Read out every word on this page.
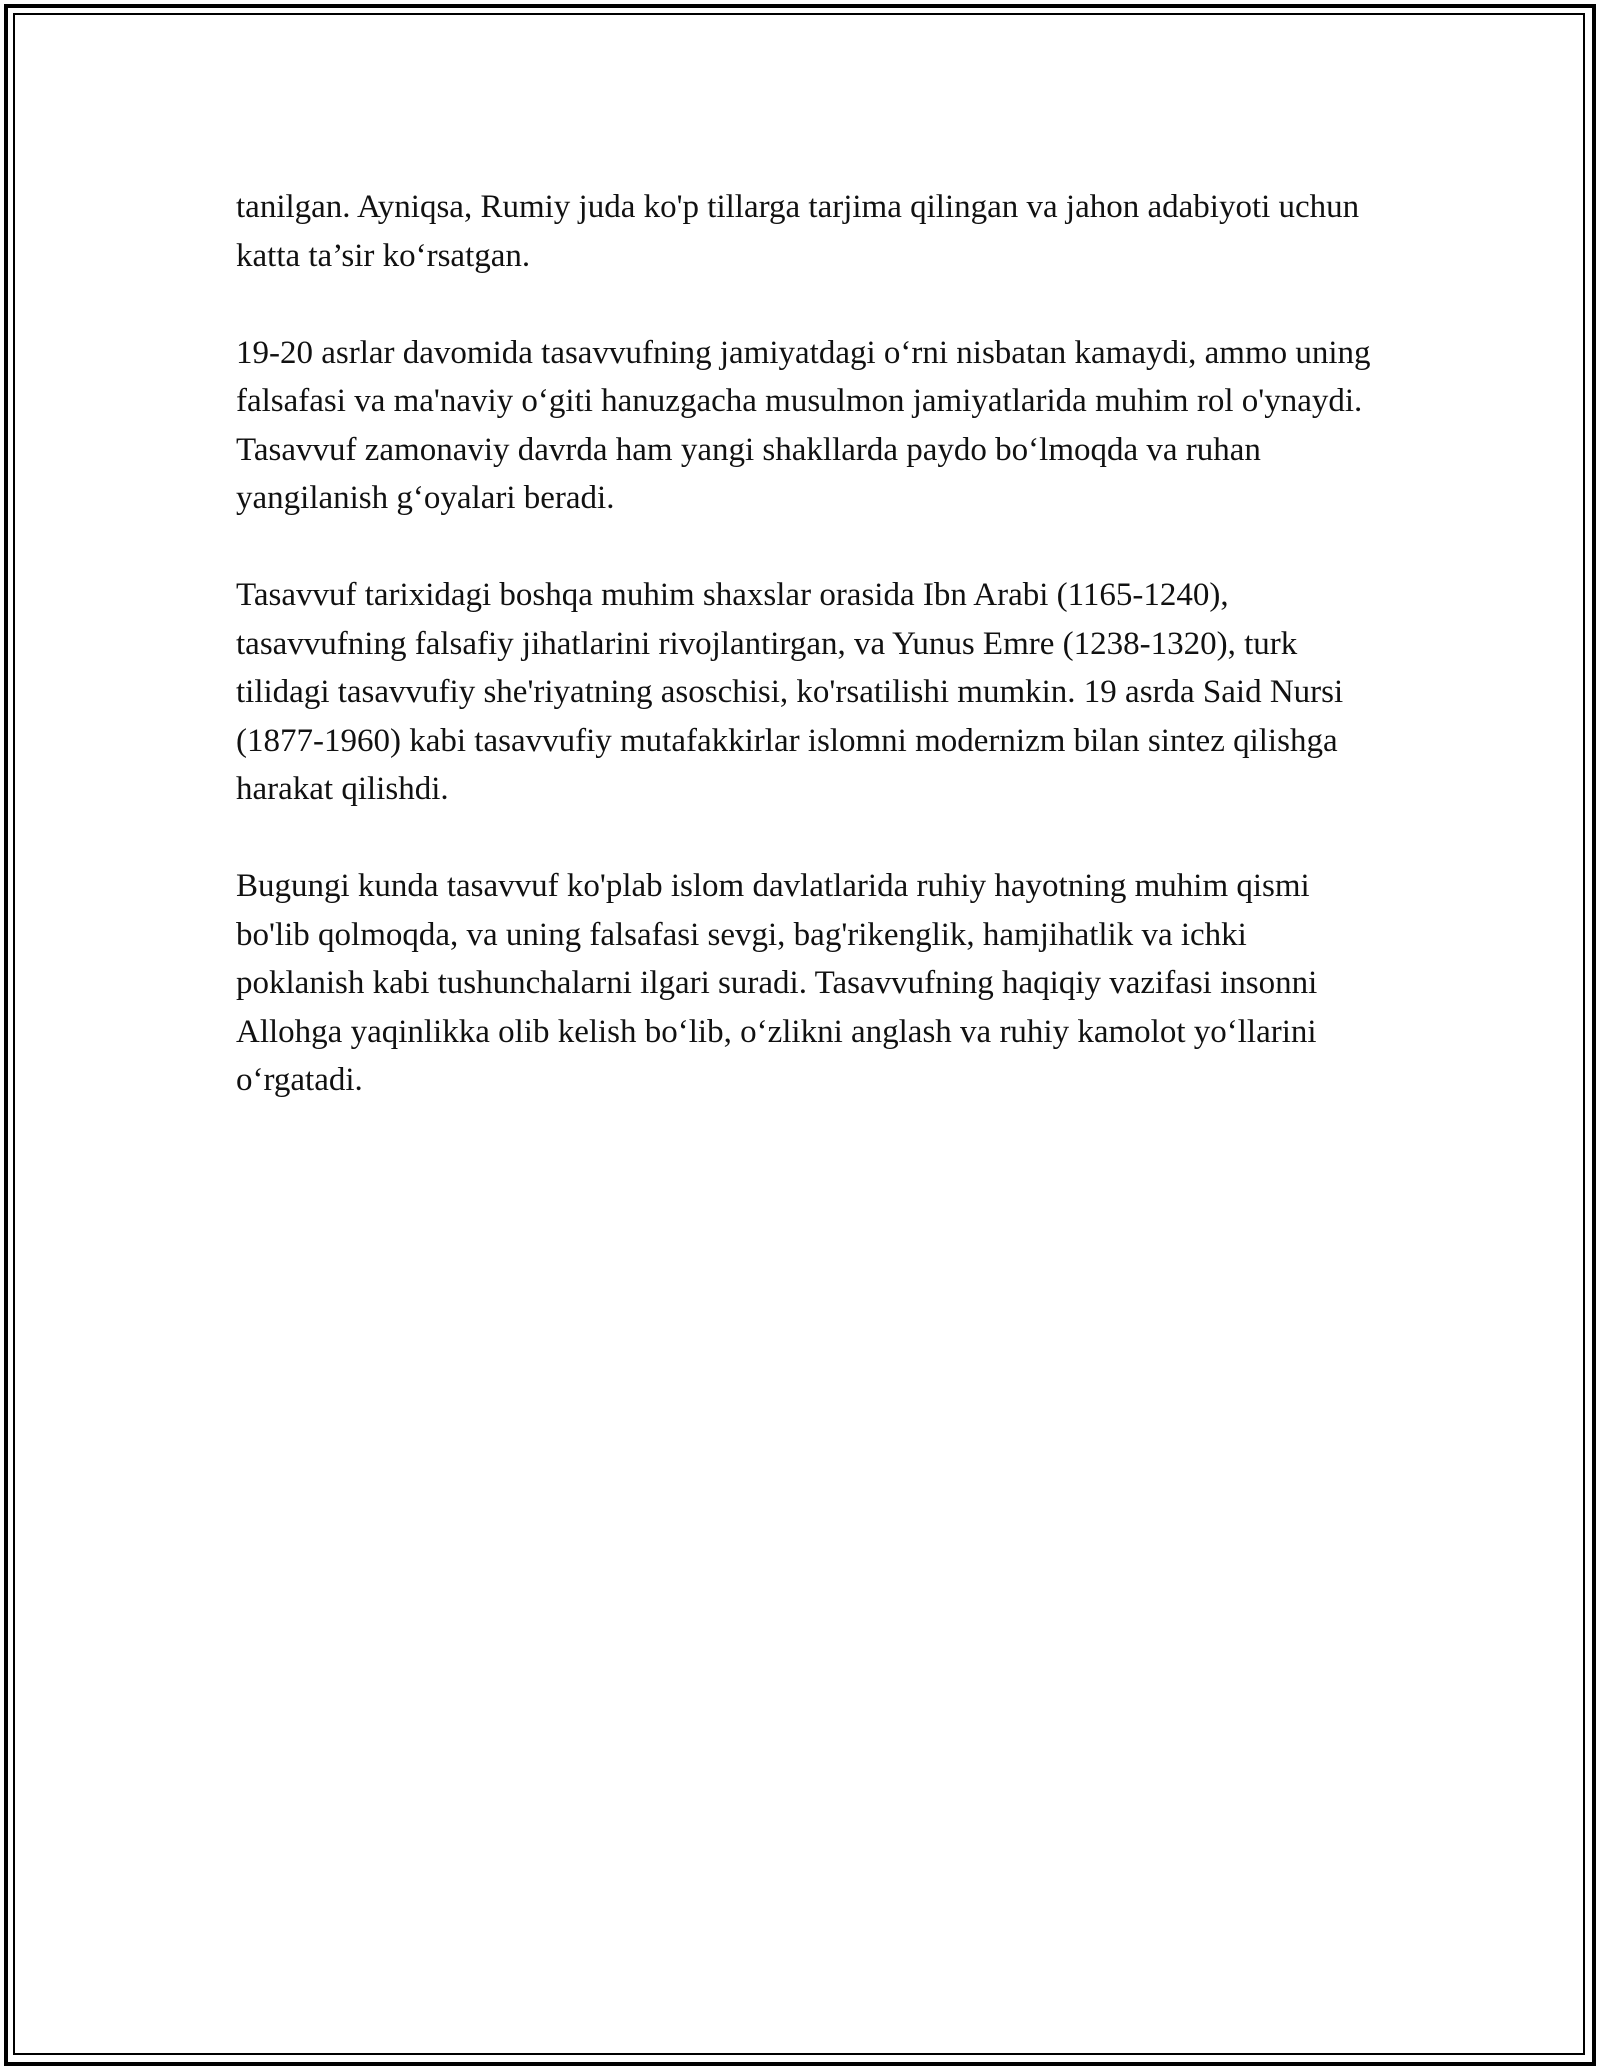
tanilgan. Ayniqsa, Rumiy juda ko'p tillarga tarjima qilingan va jahon adabiyoti uchun katta ta’sir ko‘rsatgan.

19-20 asrlar davomida tasavvufning jamiyatdagi o‘rni nisbatan kamaydi, ammo uning falsafasi va ma'naviy o‘giti hanuzgacha musulmon jamiyatlarida muhim rol o'ynaydi. Tasavvuf zamonaviy davrda ham yangi shakllarda paydo bo‘lmoqda va ruhan yangilanish g‘oyalari beradi.

Tasavvuf tarixidagi boshqa muhim shaxslar orasida Ibn Arabi (1165-1240), tasavvufning falsafiy jihatlarini rivojlantirgan, va Yunus Emre (1238-1320), turk tilidagi tasavvufiy she'riyatning asoschisi, ko'rsatilishi mumkin. 19 asrda Said Nursi (1877-1960) kabi tasavvufiy mutafakkirlar islomni modernizm bilan sintez qilishga harakat qilishdi.

Bugungi kunda tasavvuf ko'plab islom davlatlarida ruhiy hayotning muhim qismi bo'lib qolmoqda, va uning falsafasi sevgi, bag'rikenglik, hamjihatlik va ichki poklanish kabi tushunchalarni ilgari suradi. Tasavvufning haqiqiy vazifasi insonni Allohga yaqinlikka olib kelish bo‘lib, o‘zlikni anglash va ruhiy kamolot yo‘llarini o‘rgatadi.
